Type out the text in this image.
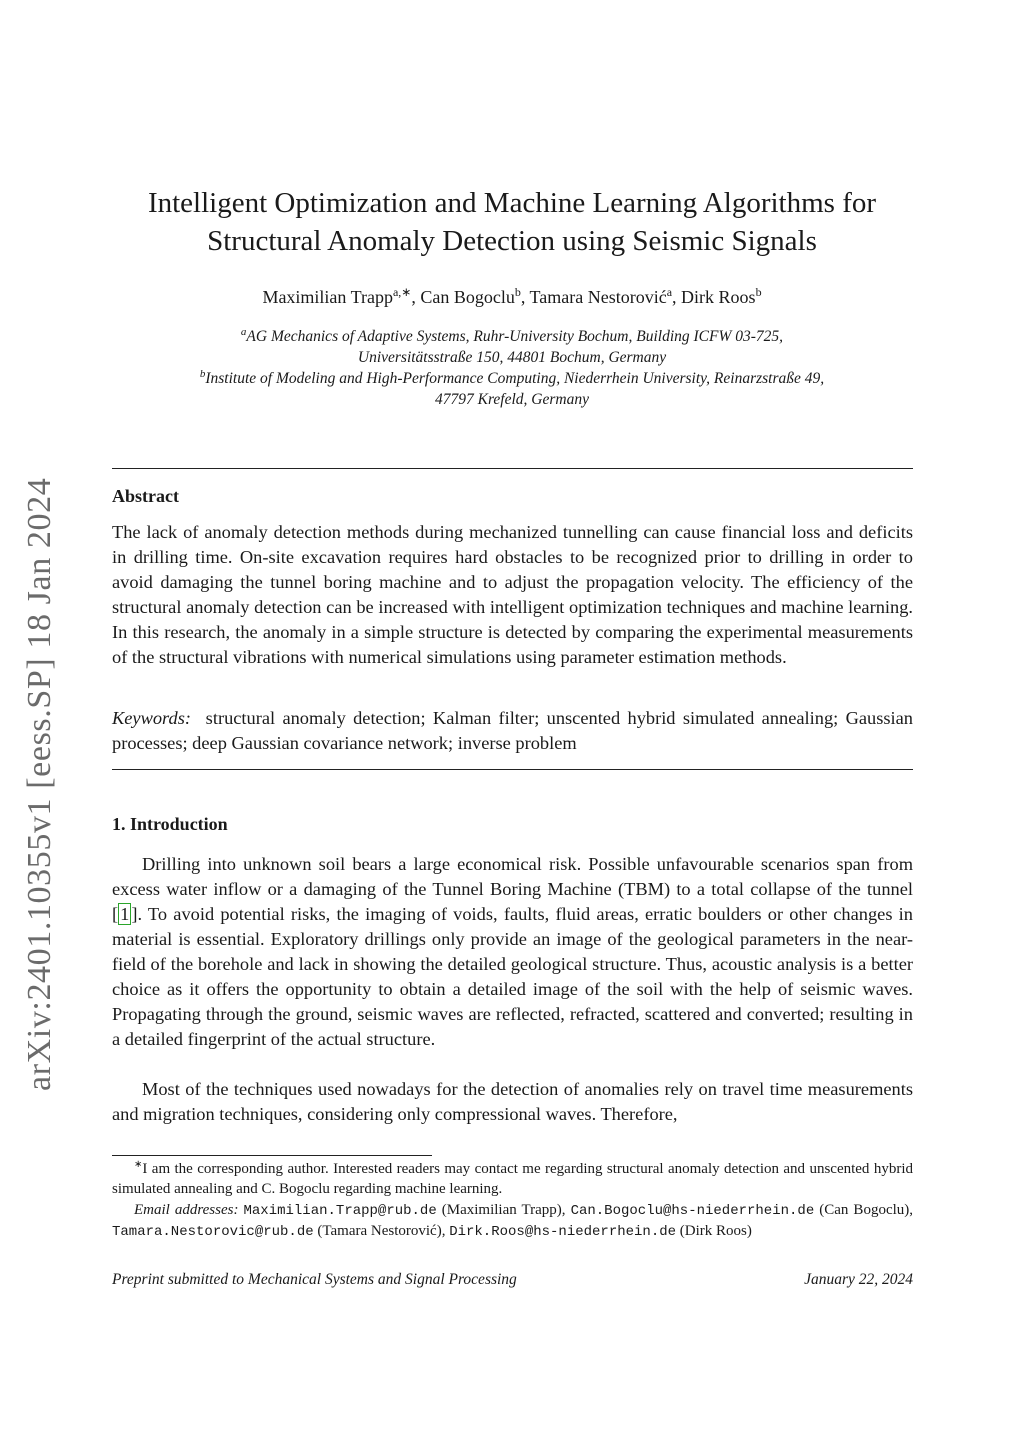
arXiv:2401.10355v1 [eess.SP] 18 Jan 2024
Intelligent Optimization and Machine Learning Algorithms for
Structural Anomaly Detection using Seismic Signals
Maximilian Trapp$^{a,∗}$, Can Bogoclu$^b$, Tamara Nestorović$^a$, Dirk Roos$^b$
$^a$AG Mechanics of Adaptive Systems, Ruhr-University Bochum, Building ICFW 03-725,
Universitätsstraße 150, 44801 Bochum, Germany
$^b$Institute of Modeling and High-Performance Computing, Niederrhein University, Reinarzstraße 49,
47797 Krefeld, Germany
Abstract
The lack of anomaly detection methods during mechanized tunnelling can cause financial loss and deficits in drilling time. On-site excavation requires hard obstacles to be recognized prior to drilling in order to avoid damaging the tunnel boring machine and to adjust the propagation velocity. The efficiency of the structural anomaly detection can be increased with intelligent optimization techniques and machine learning. In this research, the anomaly in a simple structure is detected by comparing the experimental measurements of the structural vibrations with numerical simulations using parameter estimation methods.
Keywords: structural anomaly detection; Kalman filter; unscented hybrid simulated annealing; Gaussian processes; deep Gaussian covariance network; inverse problem
1. Introduction
Drilling into unknown soil bears a large economical risk. Possible unfavourable scenarios span from excess water inflow or a damaging of the Tunnel Boring Machine (TBM) to a total collapse of the tunnel [ 1 ]. To avoid potential risks, the imaging of voids, faults, fluid areas, erratic boulders or other changes in material is essential. Exploratory drillings only provide an image of the geological parameters in the near-field of the borehole and lack in showing the detailed geological structure. Thus, acoustic analysis is a better choice as it offers the opportunity to obtain a detailed image of the soil with the help of seismic waves. Propagating through the ground, seismic waves are reflected, refracted, scattered and converted; resulting in a detailed fingerprint of the actual structure.
Most of the techniques used nowadays for the detection of anomalies rely on travel time measurements and migration techniques, considering only compressional waves. Therefore,
∗I am the corresponding author. Interested readers may contact me regarding structural anomaly detection and unscented hybrid simulated annealing and C. Bogoclu regarding machine learning.
Email addresses: Maximilian.Trapp@rub.de (Maximilian Trapp), Can.Bogoclu@hs-niederrhein.de (Can Bogoclu), Tamara.Nestorovic@rub.de (Tamara Nestorović), Dirk.Roos@hs-niederrhein.de (Dirk Roos)
Preprint submitted to Mechanical Systems and Signal Processing	January 22, 2024
